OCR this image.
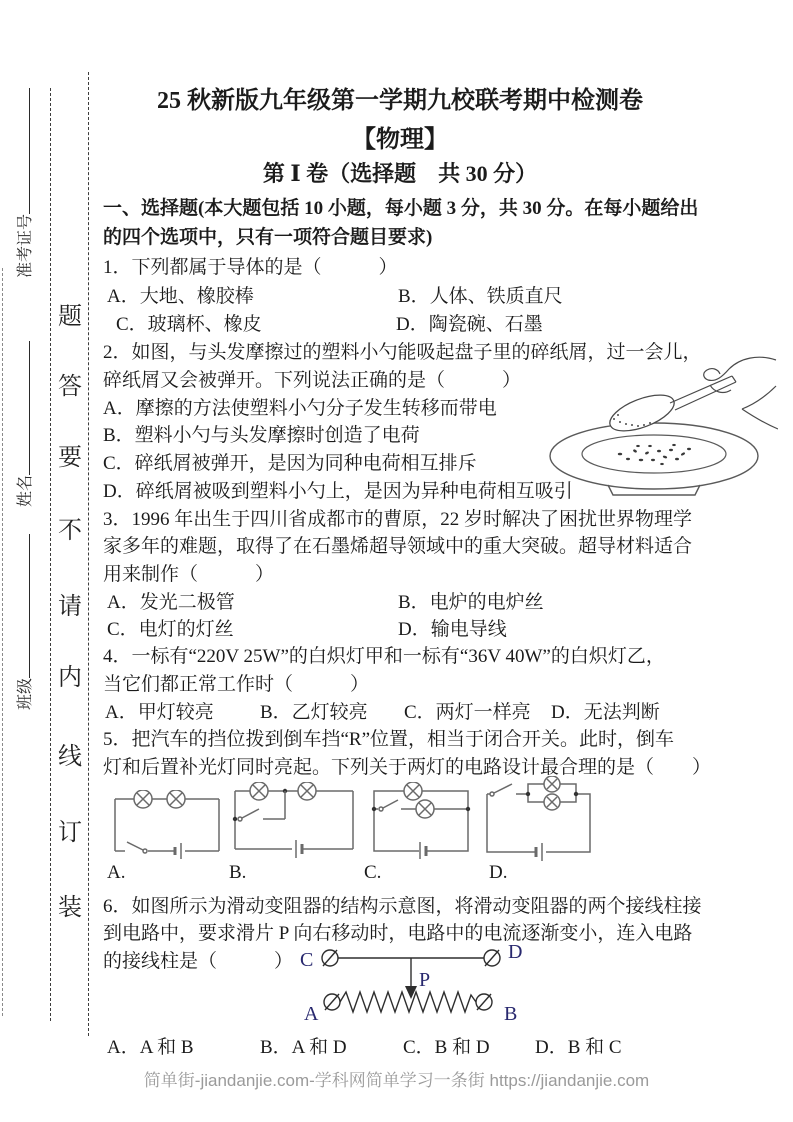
准考证号
姓名
班级
题
答
要
不
请
内
线
订
装
25 秋新版九年级第一学期九校联考期中检测卷
【物理】
第 Ⅰ 卷（选择题　共 30 分）
一、选择题(本大题包括 10 小题，每小题 3 分，共 30 分。在每小题给出
的四个选项中，只有一项符合题目要求)
1．下列都属于导体的是（　　　）
A．大地、橡胶棒	B．人体、铁质直尺
C．玻璃杯、橡皮	D．陶瓷碗、石墨
2．如图，与头发摩擦过的塑料小勺能吸起盘子里的碎纸屑，过一会儿，
碎纸屑又会被弹开。下列说法正确的是（　　　）
A．摩擦的方法使塑料小勺分子发生转移而带电
B．塑料小勺与头发摩擦时创造了电荷
C．碎纸屑被弹开，是因为同种电荷相互排斥
D．碎纸屑被吸到塑料小勺上，是因为异种电荷相互吸引
3．1996 年出生于四川省成都市的曹原，22 岁时解决了困扰世界物理学
家多年的难题，取得了在石墨烯超导领域中的重大突破。超导材料适合
用来制作（　　　）
A．发光二极管	B．电炉的电炉丝
C．电灯的灯丝	D．输电导线
4．一标有“220V 25W”的白炽灯甲和一标有“36V 40W”的白炽灯乙，
当它们都正常工作时（　　　）
A．甲灯较亮 B．乙灯较亮 C．两灯一样亮 D．无法判断
5．把汽车的挡位拨到倒车挡“R”位置，相当于闭合开关。此时，倒车
灯和后置补光灯同时亮起。下列关于两灯的电路设计最合理的是（　　）
A.	B.	C.	D.
6．如图所示为滑动变阻器的结构示意图，将滑动变阻器的两个接线柱接
到电路中，要求滑片 P 向右移动时，电路中的电流逐渐变小，连入电路
的接线柱是（　　　） C	D
P
A	B
A．A 和 B	B．A 和 D	C．B 和 D D．B 和 C
简单街-jiandanjie.com-学科网简单学习一条街 https://jiandanjie.com
